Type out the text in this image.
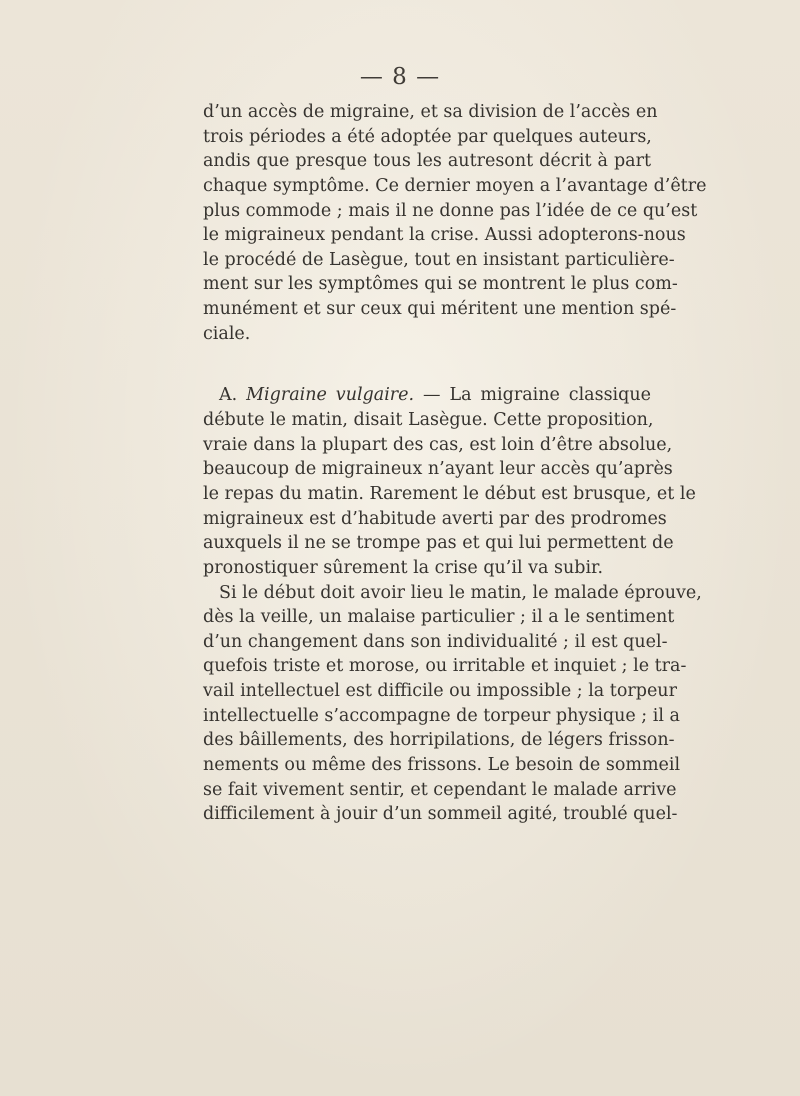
— 8 —
d’un accès de migraine, et sa division de l’accès en
trois périodes a été adoptée par quelques auteurs,
andis que presque tous les autresont décrit à part
chaque symptôme. Ce dernier moyen a l’avantage d’être
plus commode ; mais il ne donne pas l’idée de ce qu’est
le migraineux pendant la crise. Aussi adopterons-nous
le procédé de Lasègue, tout en insistant particulière-
ment sur les symptômes qui se montrent le plus com-
munément et sur ceux qui méritent une mention spé-
ciale.
A. Migraine vulgaire. — La migraine classique
débute le matin, disait Lasègue. Cette proposition,
vraie dans la plupart des cas, est loin d’être absolue,
beaucoup de migraineux n’ayant leur accès qu’après
le repas du matin. Rarement le début est brusque, et le
migraineux est d’habitude averti par des prodromes
auxquels il ne se trompe pas et qui lui permettent de
pronostiquer sûrement la crise qu’il va subir.
Si le début doit avoir lieu le matin, le malade éprouve,
dès la veille, un malaise particulier ; il a le sentiment
d’un changement dans son individualité ; il est quel-
quefois triste et morose, ou irritable et inquiet ; le tra-
vail intellectuel est difficile ou impossible ; la torpeur
intellectuelle s’accompagne de torpeur physique ; il a
des bâillements, des horripilations, de légers frisson-
nements ou même des frissons. Le besoin de sommeil
se fait vivement sentir, et cependant le malade arrive
difficilement à jouir d’un sommeil agité, troublé quel-
